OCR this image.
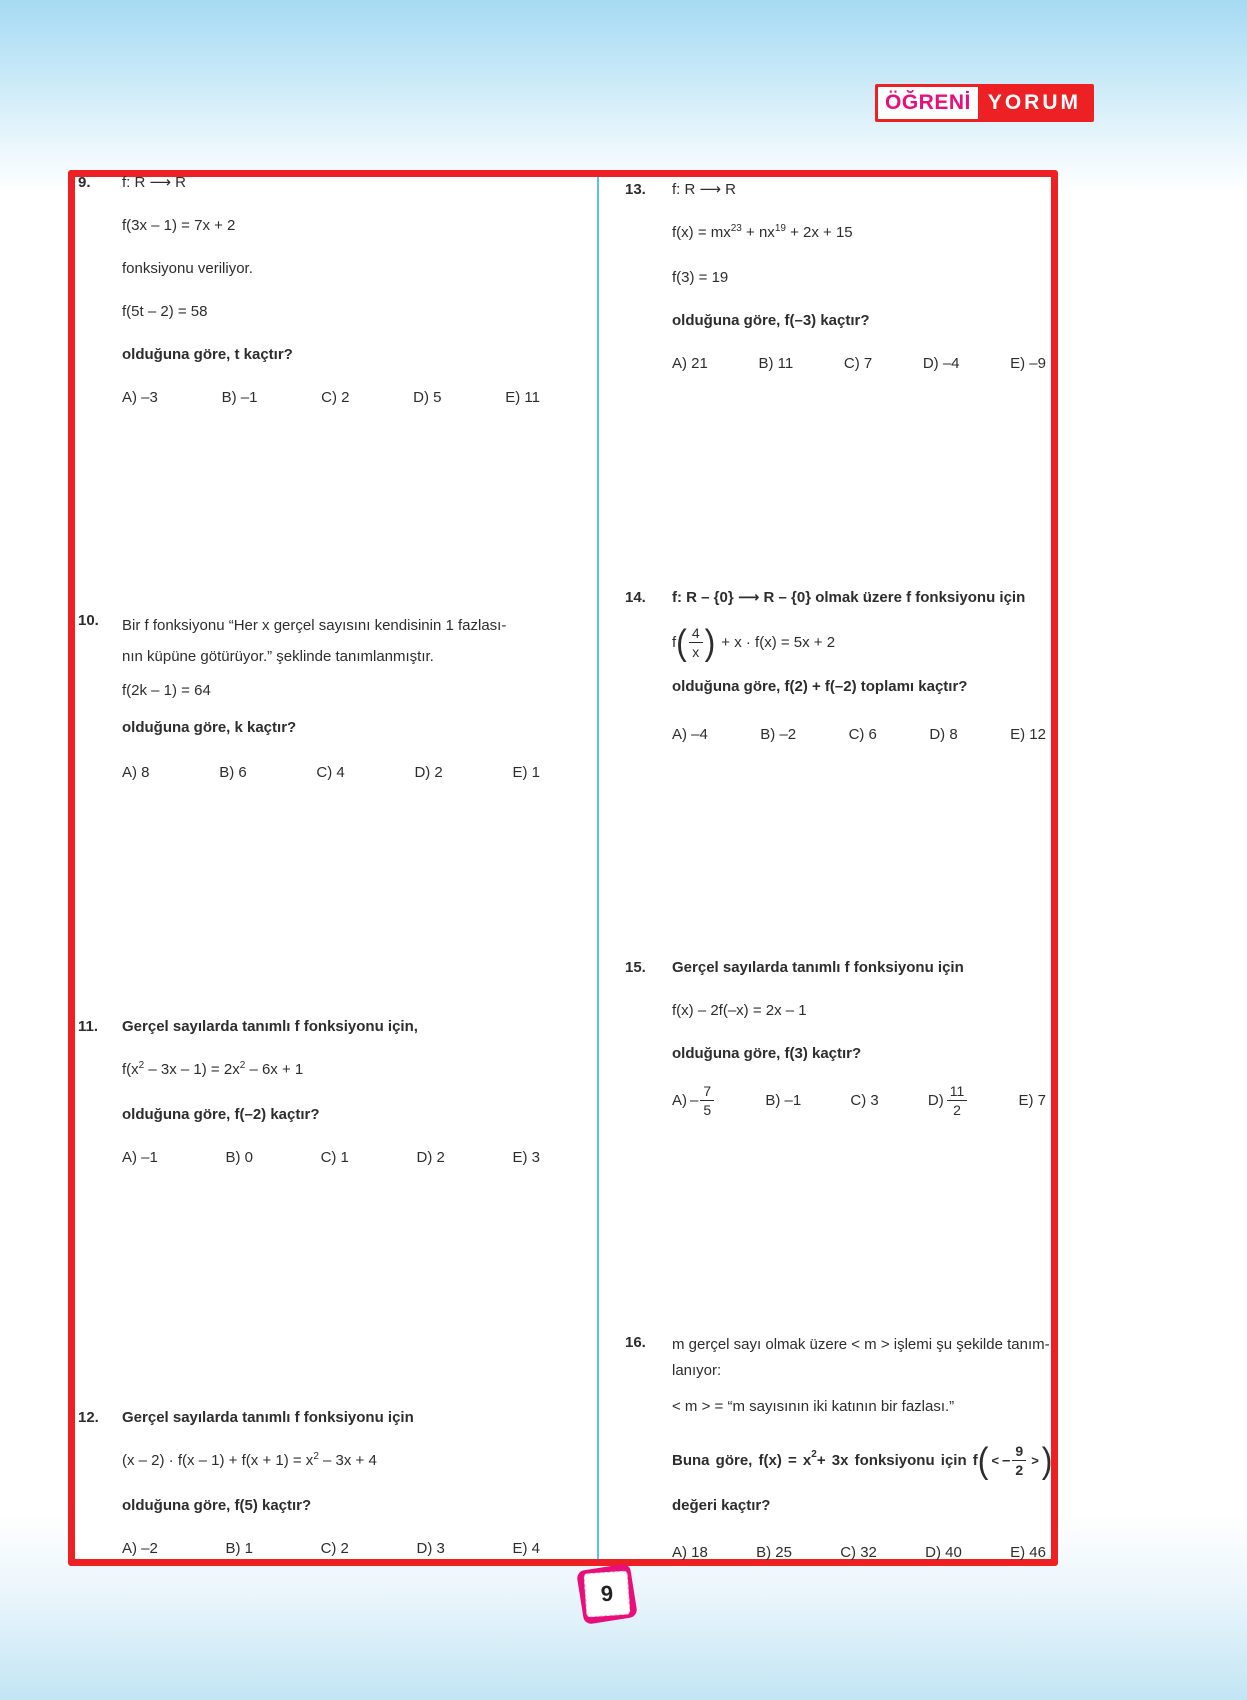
ÖĞRENİ YORUM
9. f: R ⟶ R

f(3x – 1) = 7x + 2

fonksiyonu veriliyor.

f(5t – 2) = 58

olduğuna göre, t kaçtır?

A) –3	B) –1	C) 2	D) 5	E) 11
10. Bir f fonksiyonu “Her x gerçel sayısını kendisinin 1 fazlası-
nın küpüne götürüyor.” şeklinde tanımlanmıştır.

f(2k – 1) = 64

olduğuna göre, k kaçtır?

A) 8	B) 6	C) 4	D) 2	E) 1
11. Gerçel sayılarda tanımlı f fonksiyonu için,

$f(x^2 - 3x - 1) = 2x^2 - 6x + 1$

olduğuna göre, f(–2) kaçtır?

A) –1	B) 0	C) 1	D) 2	E) 3
12. Gerçel sayılarda tanımlı f fonksiyonu için

$(x - 2) \cdot f(x - 1) + f(x + 1) = x^2 - 3x + 4$

olduğuna göre, f(5) kaçtır?

A) –2	B) 1	C) 2	D) 3	E) 4
13. f: R ⟶ R

$f(x) = mx^{23} + nx^{19} + 2x + 15$

f(3) = 19

olduğuna göre, f(–3) kaçtır?

A) 21	B) 11	C) 7	D) –4	E) –9
14. f: R – {0} ⟶ R – {0} olmak üzere f fonksiyonu için

f ( $\frac{4}{x}$ ) + x · f(x) = 5x + 2

olduğuna göre, f(2) + f(–2) toplamı kaçtır?

A) –4	B) –2	C) 6	D) 8	E) 12
15. Gerçel sayılarda tanımlı f fonksiyonu için

f(x) – 2f(–x) = 2x – 1

olduğuna göre, f(3) kaçtır?

$A) - \frac{7}{5}$	B) –1	C) 3	$D) \frac{11}{2}$	E) 7
16. m gerçel sayı olmak üzere < m > işlemi şu şekilde tanım-
lanıyor:

< m > = “m sayısının iki katının bir fazlası.”

Buna göre, $f(x) = x^2 + 3x$ fonksiyonu için f ( < – $\frac{9}{2}$ > )

değeri kaçtır?

A) 18	B) 25	C) 32	D) 40	E) 46
9
